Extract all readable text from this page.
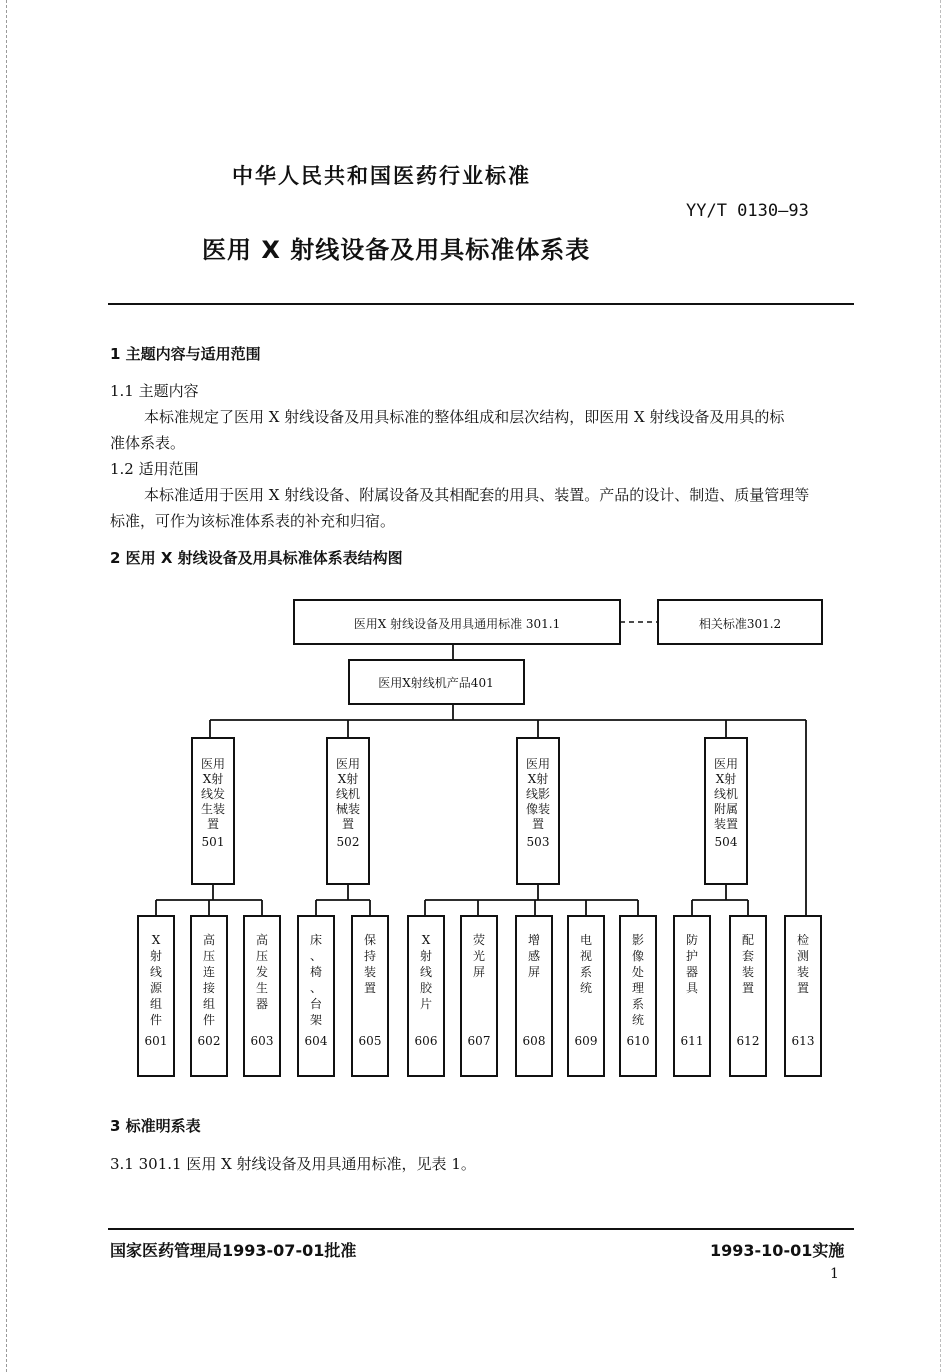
中华人民共和国医药行业标准
YY/T 0130—93
医用 X 射线设备及用具标准体系表
1 主题内容与适用范围
1.1 主题内容
本标准规定了医用 X 射线设备及用具标准的整体组成和层次结构，即医用 X 射线设备及用具的标
准体系表。
1.2 适用范围
本标准适用于医用 X 射线设备、附属设备及其相配套的用具、装置。产品的设计、制造、质量管理等
标准，可作为该标准体系表的补充和归宿。
2 医用 X 射线设备及用具标准体系表结构图
医用X 射线设备及用具通用标准 301.1	相关标准301.2
医用X射线机产品401
医用
X射
线发
生装
置
501
医用
X射
线机
械装
置
502
医用
X射
线影
像装
置
503
医用
X射
线机
附属
装置
504
X
射
线
源
组
件
601
高
压
连
接
组
件
602
高
压
发
生
器
603
床
、
椅
、
台
架
604
保
持
装
置
605
X
射
线
胶
片
606
荧
光
屏
607
增
感
屏
608
电
视
系
统
609
影
像
处
理
系
统
610
防
护
器
具
611
配
套
装
置
612
检
测
装
置
613
3 标准明系表
3.1 301.1 医用 X 射线设备及用具通用标准，见表 1。
国家医药管理局1993-07-01批准	1993-10-01实施
1
